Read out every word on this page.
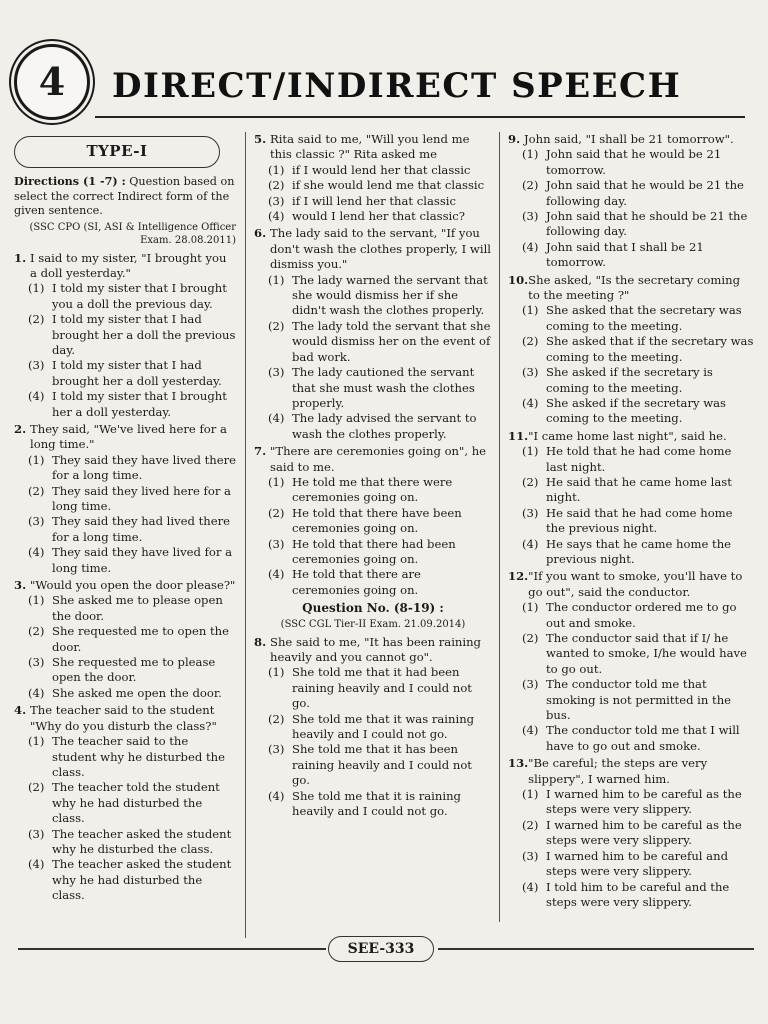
4 DIRECT/INDIRECT SPEECH
TYPE-I
Directions (1 -7) : Question based on select the correct Indirect form of the given sentence.
(SSC CPO (SI, ASI & Intelligence Officer Exam. 28.08.2011)
1. I said to my sister, "I brought you a doll yesterday."
(1) I told my sister that I brought you a doll the previous day.
(2) I told my sister that I had brought her a doll the previous day.
(3) I told my sister that I had brought her a doll yesterday.
(4) I told my sister that I brought her a doll yesterday.
2. They said, "We've lived here for a long time."
(1) They said they have lived there for a long time.
(2) They said they lived here for a long time.
(3) They said they had lived there for a long time.
(4) They said they have lived for a long time.
3. "Would you open the door please?"
(1) She asked me to please open the door.
(2) She requested me to open the door.
(3) She requested me to please open the door.
(4) She asked me open the door.
4. The teacher said to the student "Why do you disturb the class?"
(1) The teacher said to the student why he disturbed the class.
(2) The teacher told the student why he had disturbed the class.
(3) The teacher asked the student why he disturbed the class.
(4) The teacher asked the student why he had disturbed the class.
5. Rita said to me, "Will you lend me this classic ?" Rita asked me
(1) if I would lend her that classic
(2) if she would lend me that classic
(3) if I will lend her that classic
(4) would I lend her that classic?
6. The lady said to the servant, "If you don't wash the clothes properly, I will dismiss you."
(1) The lady warned the servant that she would dismiss her if she didn't wash the clothes properly.
(2) The lady told the servant that she would dismiss her on the event of bad work.
(3) The lady cautioned the servant that she must wash the clothes properly.
(4) The lady advised the servant to wash the clothes properly.
7. "There are ceremonies going on", he said to me.
(1) He told me that there were ceremonies going on.
(2) He told that there have been ceremonies going on.
(3) He told that there had been ceremonies going on.
(4) He told that there are ceremonies going on.
Question No. (8-19) :
(SSC CGL Tier-II Exam. 21.09.2014)
8. She said to me, "It has been raining heavily and you cannot go".
(1) She told me that it had been raining heavily and I could not go.
(2) She told me that it was raining heavily and I could not go.
(3) She told me that it has been raining heavily and I could not go.
(4) She told me that it is raining heavily and I could not go.
9. John said, "I shall be 21 tomorrow".
(1) John said that he would be 21 tomorrow.
(2) John said that he would be 21 the following day.
(3) John said that he should be 21 the following day.
(4) John said that I shall be 21 tomorrow.
10. She asked, "Is the secretary coming to the meeting ?"
(1) She asked that the secretary was coming to the meeting.
(2) She asked that if the secretary was coming to the meeting.
(3) She asked if the secretary is coming to the meeting.
(4) She asked if the secretary was coming to the meeting.
11. "I came home last night", said he.
(1) He told that he had come home last night.
(2) He said that he came home last night.
(3) He said that he had come home the previous night.
(4) He says that he came home the previous night.
12. "If you want to smoke, you'll have to go out", said the conductor.
(1) The conductor ordered me to go out and smoke.
(2) The conductor said that if I/ he wanted to smoke, I/he would have to go out.
(3) The conductor told me that smoking is not permitted in the bus.
(4) The conductor told me that I will have to go out and smoke.
13. "Be careful; the steps are very slippery", I warned him.
(1) I warned him to be careful as the steps were very slippery.
(2) I warned him to be careful as the steps were very slippery.
(3) I warned him to be careful and steps were very slippery.
(4) I told him to be careful and the steps were very slippery.
SEE-333
